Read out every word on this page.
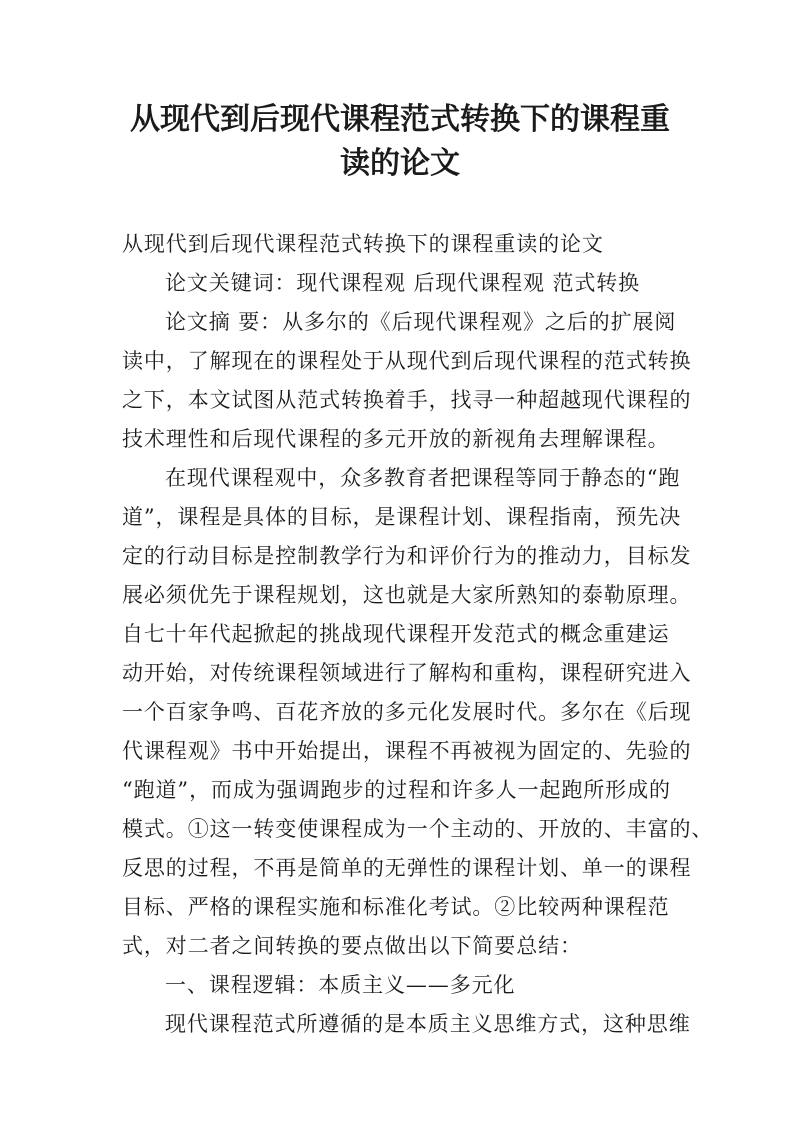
从现代到后现代课程范式转换下的课程重
读的论文

从现代到后现代课程范式转换下的课程重读的论文

论文关键词：现代课程观 后现代课程观 范式转换

论文摘 要：从多尔的《后现代课程观》之后的扩展阅

读中，了解现在的课程处于从现代到后现代课程的范式转换

之下，本文试图从范式转换着手，找寻一种超越现代课程的

技术理性和后现代课程的多元开放的新视角去理解课程。

在现代课程观中，众多教育者把课程等同于静态的“跑

道”，课程是具体的目标，是课程计划、课程指南，预先决

定的行动目标是控制教学行为和评价行为的推动力，目标发

展必须优先于课程规划，这也就是大家所熟知的泰勒原理。

自七十年代起掀起的挑战现代课程开发范式的概念重建运

动开始，对传统课程领域进行了解构和重构，课程研究进入

一个百家争鸣、百花齐放的多元化发展时代。多尔在《后现

代课程观》书中开始提出，课程不再被视为固定的、先验的

“跑道”，而成为强调跑步的过程和许多人一起跑所形成的

模式。①这一转变使课程成为一个主动的、开放的、丰富的、

反思的过程，不再是简单的无弹性的课程计划、单一的课程

目标、严格的课程实施和标准化考试。②比较两种课程范

式，对二者之间转换的要点做出以下简要总结：

一、课程逻辑：本质主义——多元化

现代课程范式所遵循的是本质主义思维方式，这种思维
